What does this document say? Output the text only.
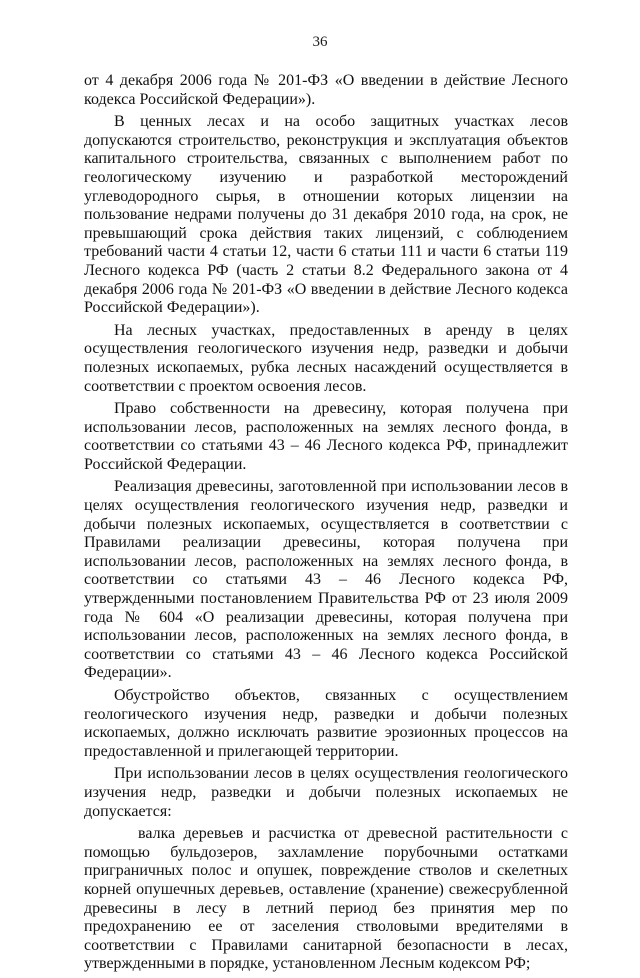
36

от 4 декабря 2006 года № 201-ФЗ «О введении в действие Лесного кодекса Российской Федерации»).

В ценных лесах и на особо защитных участках лесов допускаются строительство, реконструкция и эксплуатация объектов капитального строительства, связанных с выполнением работ по геологическому изучению и разработкой месторождений углеводородного сырья, в отношении которых лицензии на пользование недрами получены до 31 декабря 2010 года, на срок, не превышающий срока действия таких лицензий, с соблюдением требований части 4 статьи 12, части 6 статьи 111 и части 6 статьи 119 Лесного кодекса РФ (часть 2 статьи 8.2 Федерального закона от 4 декабря 2006 года № 201-ФЗ «О введении в действие Лесного кодекса Российской Федерации»).

На лесных участках, предоставленных в аренду в целях осуществления геологического изучения недр, разведки и добычи полезных ископаемых, рубка лесных насаждений осуществляется в соответствии с проектом освоения лесов.

Право собственности на древесину, которая получена при использовании лесов, расположенных на землях лесного фонда, в соответствии со статьями 43 – 46 Лесного кодекса РФ, принадлежит Российской Федерации.

Реализация древесины, заготовленной при использовании лесов в целях осуществления геологического изучения недр, разведки и добычи полезных ископаемых, осуществляется в соответствии с Правилами реализации древесины, которая получена при использовании лесов, расположенных на землях лесного фонда, в соответствии со статьями 43 – 46 Лесного кодекса РФ, утвержденными постановлением Правительства РФ от 23 июля 2009 года № 604 «О реализации древесины, которая получена при использовании лесов, расположенных на землях лесного фонда, в соответствии со статьями 43 – 46 Лесного кодекса Российской Федерации».

Обустройство объектов, связанных с осуществлением геологического изучения недр, разведки и добычи полезных ископаемых, должно исключать развитие эрозионных процессов на предоставленной и прилегающей территории.

При использовании лесов в целях осуществления геологического изучения недр, разведки и добычи полезных ископаемых не допускается:

валка деревьев и расчистка от древесной растительности с помощью бульдозеров, захламление порубочными остатками приграничных полос и опушек, повреждение стволов и скелетных корней опушечных деревьев, оставление (хранение) свежесрубленной древесины в лесу в летний период без принятия мер по предохранению ее от заселения стволовыми вредителями в соответствии с Правилами санитарной безопасности в лесах, утвержденными в порядке, установленном Лесным кодексом РФ;
